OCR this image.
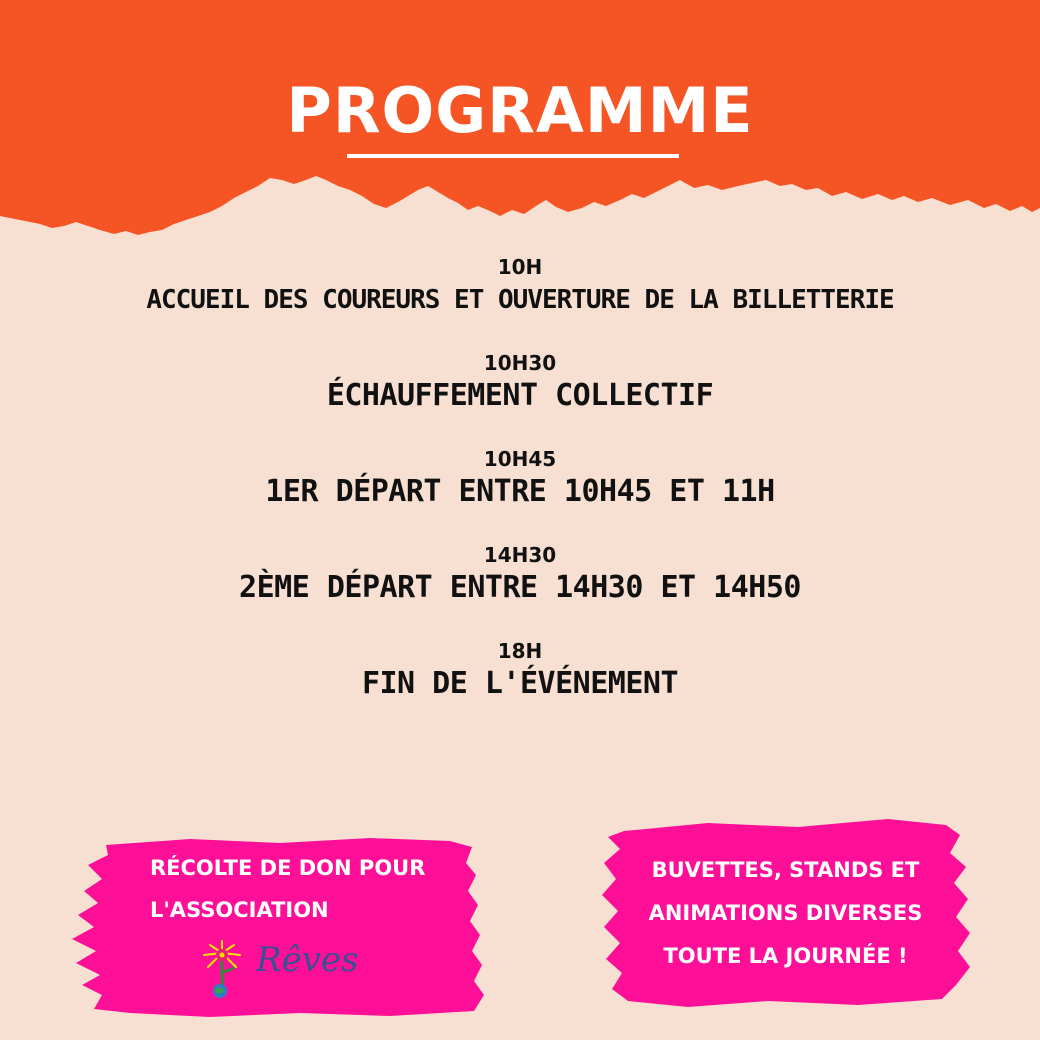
PROGRAMME
10H
ACCUEIL DES COUREURS ET OUVERTURE DE LA BILLETTERIE
10H30
ÉCHAUFFEMENT COLLECTIF
10H45
1ER DÉPART ENTRE 10H45 ET 11H
14H30
2ÈME DÉPART ENTRE 14H30 ET 14H50
18H
FIN DE L'ÉVÉNEMENT
RÉCOLTE DE DON POUR
L'ASSOCIATION
Rêves
BUVETTES, STANDS ET
ANIMATIONS DIVERSES
TOUTE LA JOURNÉE !
